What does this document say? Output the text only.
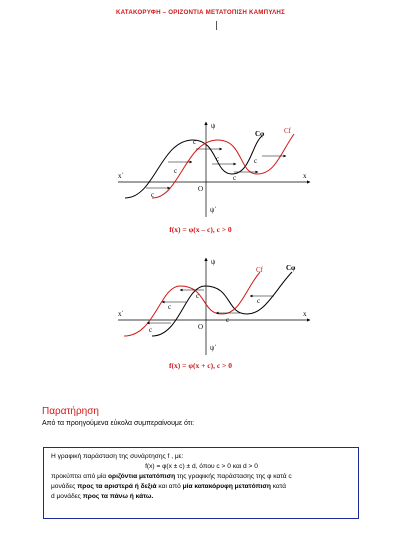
ΚΑΤΑΚΟΡΥΦΗ – ΟΡΙΖΟΝΤΙΑ ΜΕΤΑΤΟΠΙΣΗ ΚΑΜΠΥΛΗΣ
c
c
c
c
c
c
ψ
ψ΄
x
x΄
O
Cφ	Cf
f(x) = φ(x – c), c > 0
c
c
c
c
c
ψ
ψ΄
x
x΄
O
Cφ
Cf
f(x) = φ(x + c), c > 0
Παρατήρηση
Από τα προηγούμενα εύκολα συμπεραίνουμε ότι:

Η γραφική παράσταση της συνάρτησης f , με:

f(x) = φ(x ± c) ± d, όπου c > 0 και d > 0

προκύπτει από μία οριζόντια μετατόπιση της γραφικής παράστασης της φ κατά c

μονάδες προς τα αριστερά ή δεξιά και από μία κατακόρυφη μετατόπιση κατά

d μονάδες προς τα πάνω ή κάτω.
